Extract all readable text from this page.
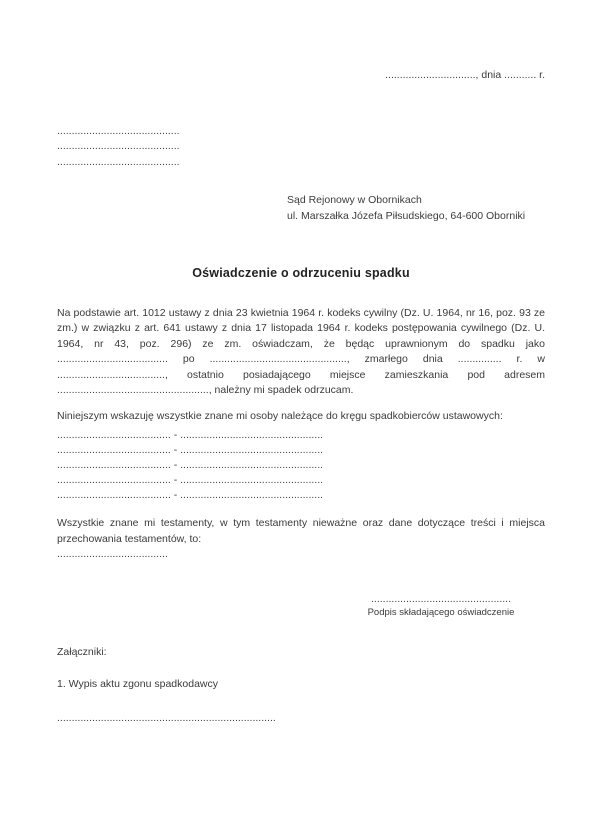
..............................., dnia ........... r.
..........................................
..........................................
..........................................
Sąd Rejonowy w Obornikach
ul. Marszałka Józefa Piłsudskiego, 64-600 Oborniki
Oświadczenie o odrzuceniu spadku

Na podstawie art. 1012 ustawy z dnia 23 kwietnia 1964 r. kodeks cywilny (Dz. U. 1964, nr 16, poz. 93 ze zm.) w związku z art. 641 ustawy z dnia 17 listopada 1964 r. kodeks postępowania cywilnego (Dz. U. 1964, nr 43, poz. 296) ze zm. oświadczam, że będąc uprawnionym do spadku jako ...................................... po ..............................................., zmarłego dnia ............... r. w ....................................., ostatnio posiadającego miejsce zamieszkania pod adresem ...................................................., należny mi spadek odrzucam.

Niniejszym wskazuję wszystkie znane mi osoby należące do kręgu spadkobierców ustawowych:

....................................... - .................................................
....................................... - .................................................
....................................... - .................................................
....................................... - .................................................
....................................... - .................................................

Wszystkie znane mi testamenty, w tym testamenty nieważne oraz dane dotyczące treści i miejsca przechowania testamentów, to:

......................................
................................................
Podpis składającego oświadczenie

Załączniki:

1. Wypis aktu zgonu spadkodawcy

...........................................................................
